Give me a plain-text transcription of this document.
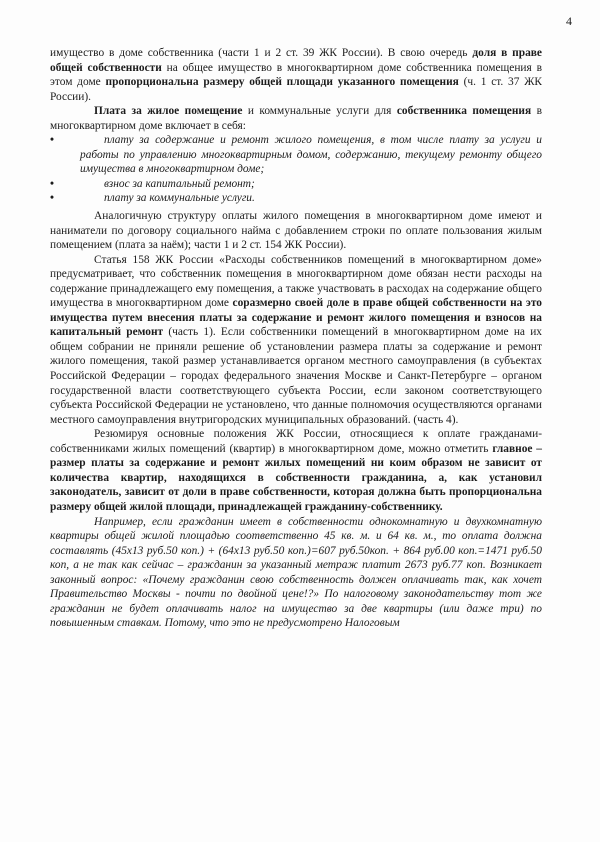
4

имущество в доме собственника (части 1 и 2 ст. 39 ЖК России). В свою очередь доля в праве общей собственности на общее имущество в многоквартирном доме собственника помещения в этом доме пропорциональна размеру общей площади указанного помещения (ч. 1 ст. 37 ЖК России).

Плата за жилое помещение и коммунальные услуги для собственника помещения в многоквартирном доме включает в себя:

•	плату за содержание и ремонт жилого помещения, в том числе плату за услуги и работы по управлению многоквартирным домом, содержанию, текущему ремонту общего имущества в многоквартирном доме;
•	взнос за капитальный ремонт;
•	плату за коммунальные услуги.

Аналогичную структуру оплаты жилого помещения в многоквартирном доме имеют и наниматели по договору социального найма с добавлением строки по оплате пользования жилым помещением (плата за наём); части 1 и 2 ст. 154 ЖК России).

Статья 158 ЖК России «Расходы собственников помещений в многоквартирном доме» предусматривает, что собственник помещения в многоквартирном доме обязан нести расходы на содержание принадлежащего ему помещения, а также участвовать в расходах на содержание общего имущества в многоквартирном доме соразмерно своей доле в праве общей собственности на это имущества путем внесения платы за содержание и ремонт жилого помещения и взносов на капитальный ремонт (часть 1). Если собственники помещений в многоквартирном доме на их общем собрании не приняли решение об установлении размера платы за содержание и ремонт жилого помещения, такой размер устанавливается органом местного самоуправления (в субъектах Российской Федерации – городах федерального значения Москве и Санкт-Петербурге – органом государственной власти соответствующего субъекта России, если законом соответствующего субъекта Российской Федерации не установлено, что данные полномочия осуществляются органами местного самоуправления внутригородских муниципальных образований. (часть 4).

Резюмируя основные положения ЖК России, относящиеся к оплате гражданами-собственниками жилых помещений (квартир) в многоквартирном доме, можно отметить главное – размер платы за содержание и ремонт жилых помещений ни коим образом не зависит от количества квартир, находящихся в собственности гражданина, а, как установил законодатель, зависит от доли в праве собственности, которая должна быть пропорциональна размеру общей жилой площади, принадлежащей гражданину-собственнику.

Например, если гражданин имеет в собственности однокомнатную и двухкомнатную квартиры общей жилой площадью соответственно 45 кв. м. и 64 кв. м., то оплата должна составлять (45х13 руб.50 коп.) + (64х13 руб.50 коп.)=607 руб.50коп. + 864 руб.00 коп.=1471 руб.50 коп, а не так как сейчас – гражданин за указанный метраж платит 2673 руб.77 коп. Возникает законный вопрос: «Почему гражданин свою собственность должен оплачивать так, как хочет Правительство Москвы - почти по двойной цене!?» По налоговому законодательству тот же гражданин не будет оплачивать налог на имущество за две квартиры (или даже три) по повышенным ставкам. Потому, что это не предусмотрено Налоговым
